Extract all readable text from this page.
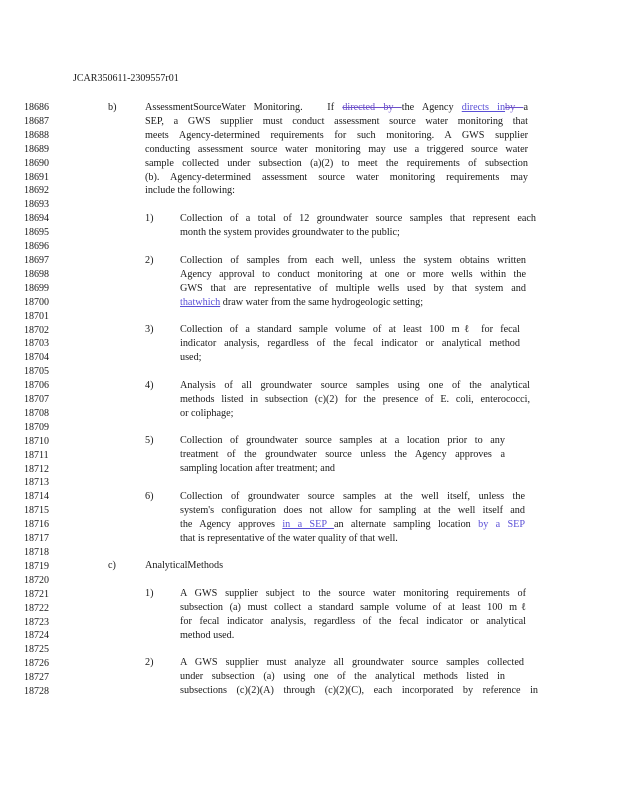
JCAR350611-2309557r01
18686
18687
18688
18689
18690
18691
18692
18693
18694
18695
18696
18697
18698
18699
18700
18701
18702
18703
18704
18705
18706
18707
18708
18709
18710
18711
18712
18713
18714
18715
18716
18717
18718
18719
18720
18721
18722
18723
18724
18725
18726
18727
18728
b)	AssessmentSourceWater Monitoring. If directed by the Agency directs inby a
SEP, a GWS supplier must conduct assessment source water monitoring that
meets Agency-determined requirements for such monitoring. A GWS supplier
conducting assessment source water monitoring may use a triggered source water
sample collected under subsection (a)(2) to meet the requirements of subsection
(b). Agency-determined assessment source water monitoring requirements may
include the following:
1)	Collection of a total of 12 groundwater source samples that represent each
month the system provides groundwater to the public;
2)	Collection of samples from each well, unless the system obtains written
Agency approval to conduct monitoring at one or more wells within the
GWS that are representative of multiple wells used by that system and
thatwhich draw water from the same hydrogeologic setting;
3)	Collection of a standard sample volume of at least 100 mℓ for fecal
indicator analysis, regardless of the fecal indicator or analytical method
used;
4)	Analysis of all groundwater source samples using one of the analytical
methods listed in subsection (c)(2) for the presence of E. coli, enterococci,
or coliphage;
5)	Collection of groundwater source samples at a location prior to any
treatment of the groundwater source unless the Agency approves a
sampling location after treatment; and
6)	Collection of groundwater source samples at the well itself, unless the
system's configuration does not allow for sampling at the well itself and
the Agency approves in a SEP an alternate sampling location by a SEP
that is representative of the water quality of that well.
c)	AnalyticalMethods
1)	A GWS supplier subject to the source water monitoring requirements of
subsection (a) must collect a standard sample volume of at least 100 mℓ
for fecal indicator analysis, regardless of the fecal indicator or analytical
method used.
2)	A GWS supplier must analyze all groundwater source samples collected
under subsection (a) using one of the analytical methods listed in
subsections (c)(2)(A) through (c)(2)(C), each incorporated by reference in
